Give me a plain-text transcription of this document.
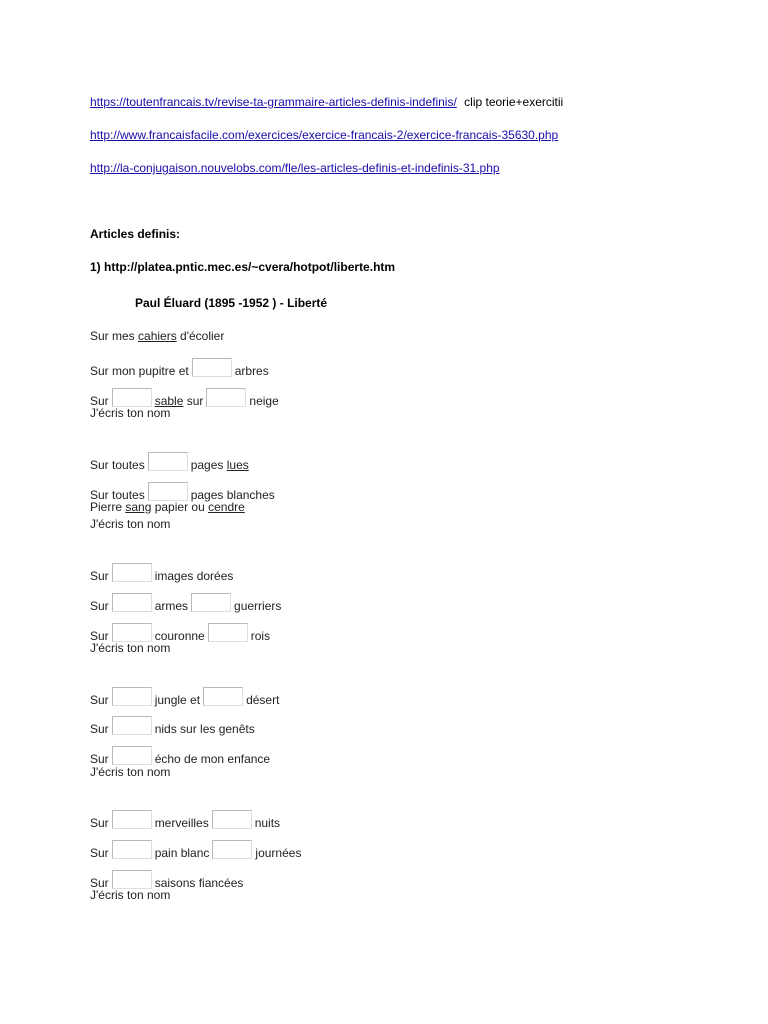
https://toutenfrancais.tv/revise-ta-grammaire-articles-definis-indefinis/ clip teorie+exercitii
http://www.francaisfacile.com/exercices/exercice-francais-2/exercice-francais-35630.php
http://la-conjugaison.nouvelobs.com/fle/les-articles-definis-et-indefinis-31.php
Articles definis:
1) http://platea.pntic.mec.es/~cvera/hotpot/liberte.htm
Paul Éluard (1895 -1952 ) - Liberté
Sur mes cahiers d'écolier
Sur mon pupitre et	arbres
Sur	sable sur	neige
J'écris ton nom
Sur toutes	pages lues
Sur toutes	pages blanches
Pierre sang papier ou cendre
J'écris ton nom
Sur	images dorées
Sur	armes	guerriers
Sur	couronne	rois
J'écris ton nom
Sur	jungle et	désert
Sur	nids sur les genêts
Sur	écho de mon enfance
J'écris ton nom
Sur	merveilles	nuits
Sur	pain blanc	journées
Sur	saisons fiancées
J'écris ton nom
